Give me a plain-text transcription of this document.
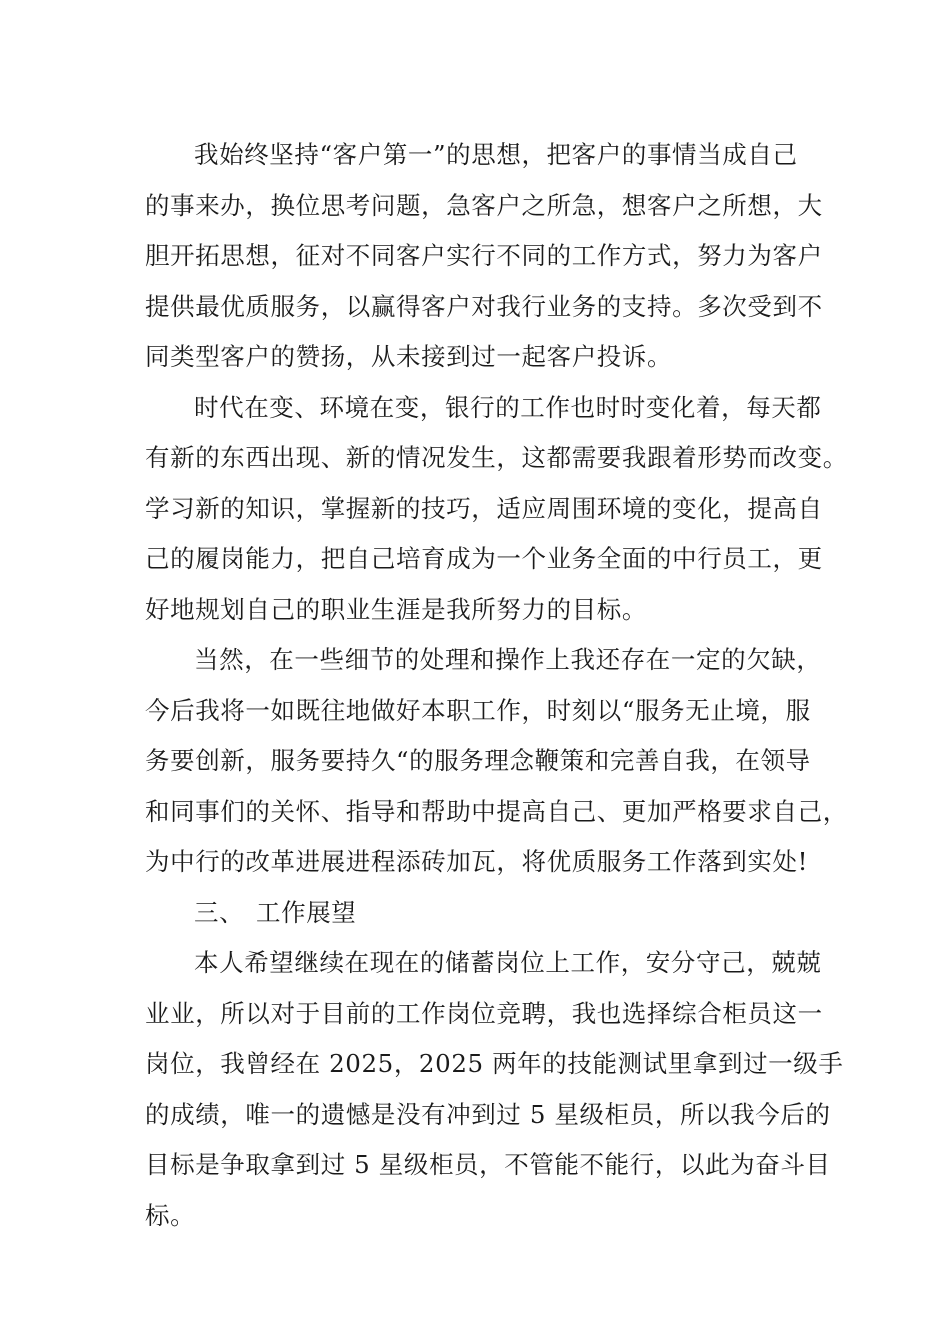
我始终坚持“客户第一”的思想，把客户的事情当成自己
的事来办，换位思考问题，急客户之所急，想客户之所想，大
胆开拓思想，征对不同客户实行不同的工作方式，努力为客户
提供最优质服务，以赢得客户对我行业务的支持。多次受到不
同类型客户的赞扬，从未接到过一起客户投诉。
时代在变、环境在变，银行的工作也时时变化着，每天都
有新的东西出现、新的情况发生，这都需要我跟着形势而改变。
学习新的知识，掌握新的技巧，适应周围环境的变化，提高自
己的履岗能力，把自己培育成为一个业务全面的中行员工，更
好地规划自己的职业生涯是我所努力的目标。
当然，在一些细节的处理和操作上我还存在一定的欠缺，
今后我将一如既往地做好本职工作，时刻以“服务无止境，服
务要创新，服务要持久“的服务理念鞭策和完善自我，在领导
和同事们的关怀、指导和帮助中提高自己、更加严格要求自己，
为中行的改革进展进程添砖加瓦，将优质服务工作落到实处!
三、 工作展望
本人希望继续在现在的储蓄岗位上工作，安分守己，兢兢
业业，所以对于目前的工作岗位竞聘，我也选择综合柜员这一
岗位，我曾经在 2025，2025 两年的技能测试里拿到过一级手
的成绩，唯一的遗憾是没有冲到过 5 星级柜员，所以我今后的
目标是争取拿到过 5 星级柜员，不管能不能行，以此为奋斗目
标。
